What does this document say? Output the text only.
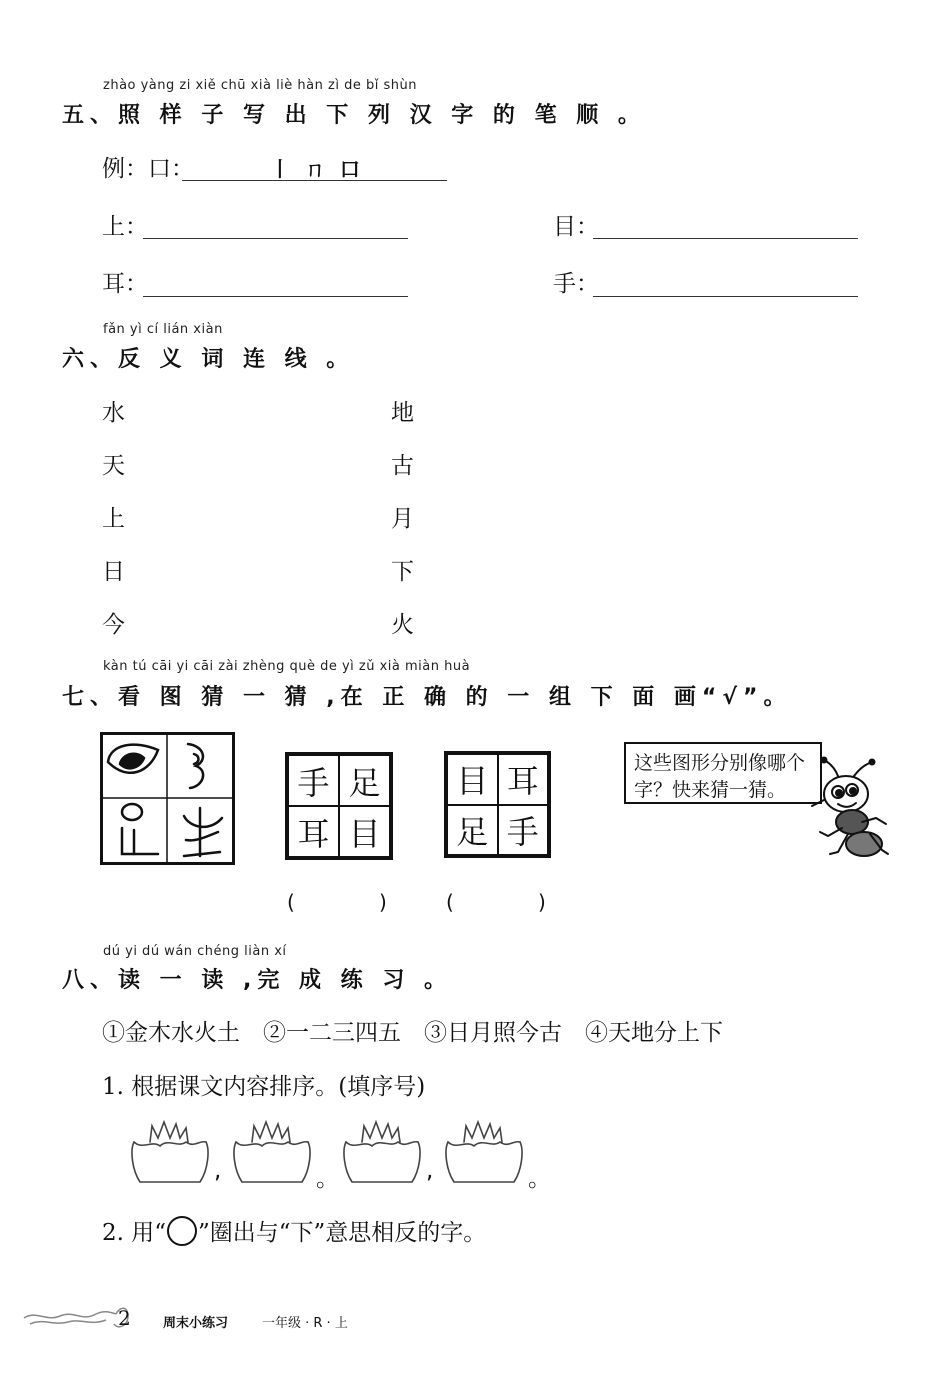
zhào yàng zi xiě chū xià liè hàn zì de bǐ shùn
五、照 样 子 写 出 下 列 汉 字 的 笔 顺 。
例：口：	丨 ㄇ 口
上：	目：
耳：	手：
fǎn yì cí lián xiàn
六、反 义 词 连 线 。
水
天
上
日
今
地
古
月
下
火
kàn tú cāi yi cāi zài zhèng què de yì zǔ xià miàn huà
七、看 图 猜 一 猜 ,在 正 确 的 一 组 下 面 画“√”。
手 足
耳 目
目 耳
足 手
(	)	(	)
这些图形分别像哪个字？快来猜一猜。
dú yi dú wán chéng liàn xí
八、读 一 读 ,完 成 练 习 。
①金木水火土　②一二三四五　③日月照今古　④天地分上下
1. 根据课文内容排序。(填序号)
,	。	,	。
2. 用“ ○ ”圈出与“下”意思相反的字。
2 周末小练习	一年级 · R · 上
